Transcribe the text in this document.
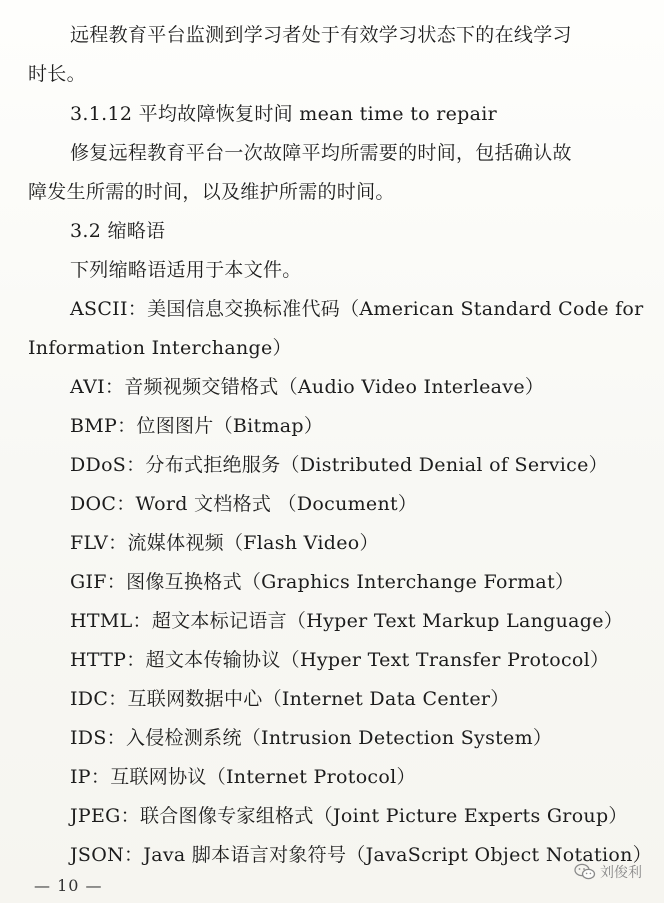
远程教育平台监测到学习者处于有效学习状态下的在线学习
时长。
3.1.12 平均故障恢复时间 mean time to repair
修复远程教育平台一次故障平均所需要的时间，包括确认故
障发生所需的时间，以及维护所需的时间。
3.2 缩略语
下列缩略语适用于本文件。
ASCII：美国信息交换标准代码（American Standard Code for
Information Interchange）
AVI：音频视频交错格式（Audio Video Interleave）
BMP：位图图片（Bitmap）
DDoS：分布式拒绝服务（Distributed Denial of Service）
DOC：Word 文档格式 （Document）
FLV：流媒体视频（Flash Video）
GIF：图像互换格式（Graphics Interchange Format）
HTML：超文本标记语言（Hyper Text Markup Language）
HTTP：超文本传输协议（Hyper Text Transfer Protocol）
IDC：互联网数据中心（Internet Data Center）
IDS：入侵检测系统（Intrusion Detection System）
IP：互联网协议（Internet Protocol）
JPEG：联合图像专家组格式（Joint Picture Experts Group）
JSON：Java 脚本语言对象符号（JavaScript Object Notation）
— 10 —
刘俊利
